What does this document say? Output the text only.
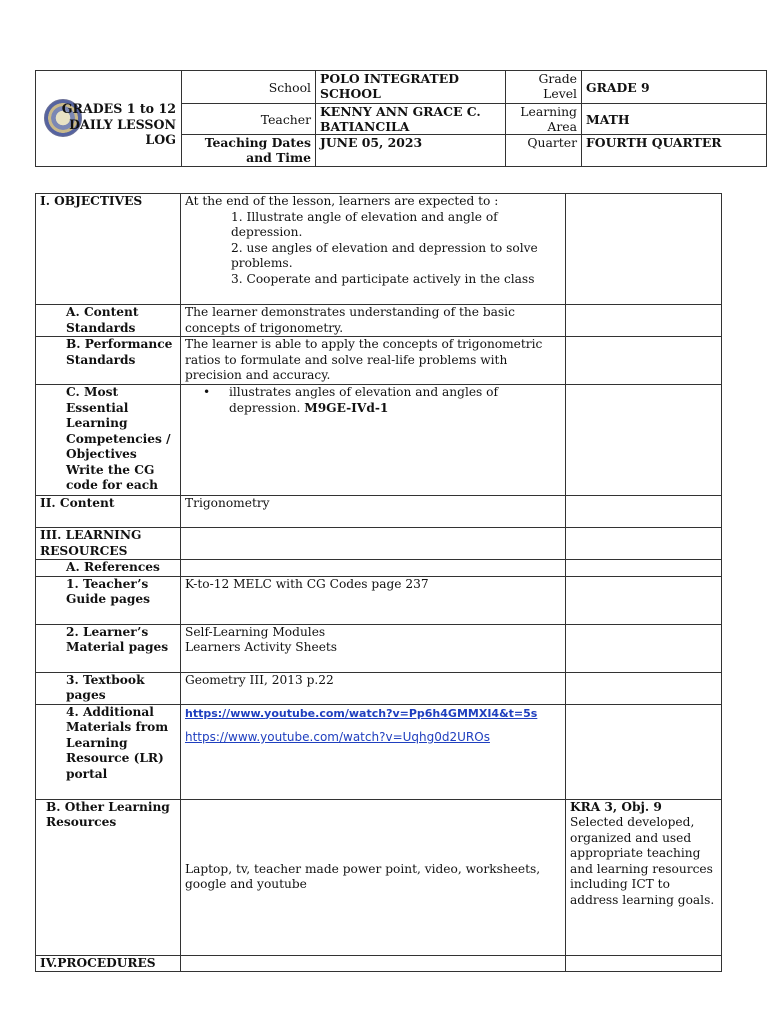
GRADES 1 to 12
DAILY LESSON
LOG	School	POLO INTEGRATED SCHOOL	Grade Level	GRADE 9
	Teacher	KENNY ANN GRACE C. BATIANCILA	Learning Area	MATH
	Teaching Dates and Time	JUNE 05, 2023	Quarter	FOURTH QUARTER
I. OBJECTIVES	At the end of the lesson, learners are expected to :
1. Illustrate angle of elevation and angle of depression.
2. use angles of elevation and depression to solve problems.
3. Cooperate and participate actively in the class	

A. Content Standards	The learner demonstrates understanding of the basic concepts of trigonometry.	
B. Performance Standards	The learner is able to apply the concepts of trigonometric ratios to formulate and solve real-life problems with precision and accuracy.	
C. Most Essential Learning Competencies / Objectives Write the CG code for each	• illustrates angles of elevation and angles of depression. M9GE-IVd-1	

II. Content	Trigonometry	
III. LEARNING RESOURCES		
A. References		
1. Teacher’s Guide pages	K-to-12 MELC with CG Codes page 237	
2. Learner’s Material pages	Self-Learning Modules
Learners Activity Sheets	

3. Textbook pages	Geometry III, 2013 p.22	
4. Additional Materials from Learning Resource (LR) portal	https://www.youtube.com/watch?v=Pp6h4GMMXI4&t=5s
https://www.youtube.com/watch?v=Uqhg0d2UROs	

B. Other Learning Resources	Laptop, tv, teacher made power point, video, worksheets, google and youtube	KRA 3, Obj. 9
Selected developed, organized and used appropriate teaching and learning resources including ICT to address learning goals.

IV.PROCEDURES		
